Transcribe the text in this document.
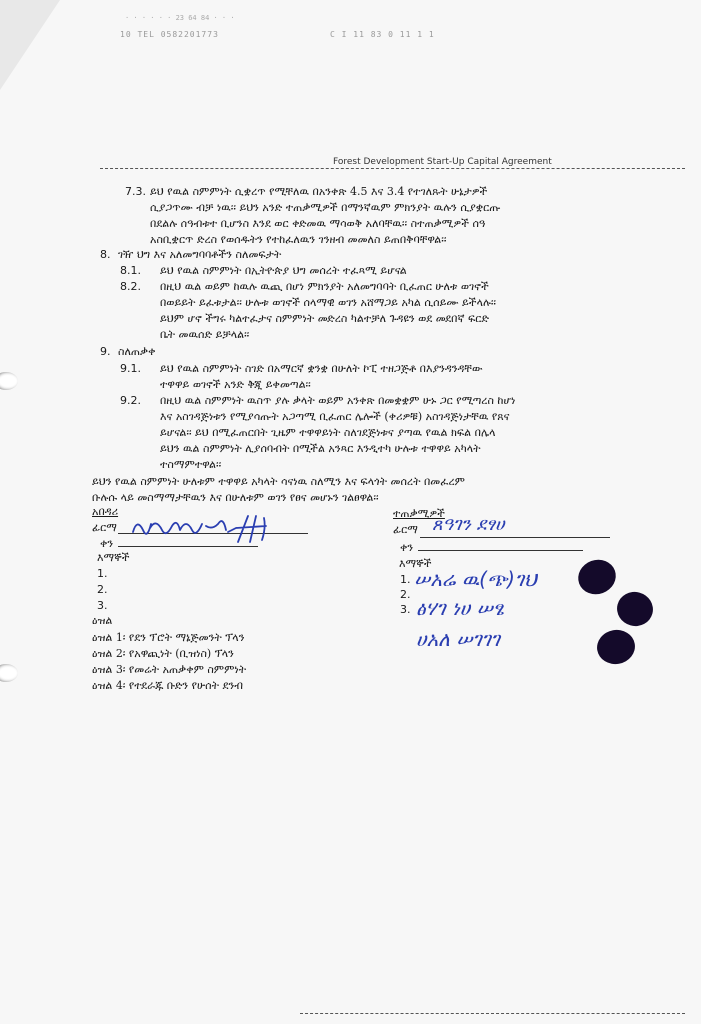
· · · · · · 23 64 84 · · ·
10 TEL 0582201773	C I 11 83 0 11 1 1
Forest Development Start-Up Capital Agreement
7.3. ይህ የዉል ስምምነት ሲቋረጥ የሚቸለዉ በአንቀጽ 4.5 እና 3.4 የተገለጹት ሁኔታዎች
ሲያጋጥሙ ብቻ ነዉ፡፡ ይህን አንድ ተጠቃሚዎች በማንኛዉም ምክንያት ዉሉን ሲያቋርጡ
በደልሉ ሰዓብቱተ ቢሆንስ እንደ ወር ቀድመዉ ማሳወቅ አለባቸዉ፡፡ ስተጠቃሚዎች ሰዓ
አስቢቋርጥ ድረስ የወሰዱትን የተከፈለዉን ገንዘብ መመለስ ይጠበቅባቸዋል፡፡
8. ገዥ ህግ እና አለመግባባቶችን ስለመፍታት
8.1. ይህ የዉል ስምምነት በኢትዮጵያ ህግ መሰረት ተፈጻሚ ይሆናል
8.2. በዚህ ዉል ወይም ከዉሉ ዉጪ በሆነ ምክንያት አለመግባባት ቢፈጠር ሁለቱ ወገኖች
በወይይት ይፈቱታል፡፡ ሁሉቱ ወገኖች ሰላማዊ ወገን አሸማጋይ አካል ሲሰይሙ ይችላሉ፡፡
ይህም ሆኖ ችግሩ ካልተፈታና ስምምነት መድረስ ካልተቻለ ጉዳዩን ወደ መደበኛ ፍርድ
ቤት መዉሰድ ይቻላል፡፡
9. ስለጠቃቀ
9.1. ይህ የዉል ስምምነት ስገድ በአማርኛ ቋንቋ በሁለት ኮፒ ተዘጋጅቶ በእያንዳንዳቸው
ተዋዋይ ወገኖች አንድ ቅጂ ይቀመጣል፡፡
9.2. በዚህ ዉል ስምምነት ዉስጥ ያሉ ቃላት ወይም አንቀጽ በመቋቋም ሁኑ ጋር የሚጣረስ ከሆነ
እና አስገዳጅነቱን የሚያሳጡት አጋጣሚ ቢፈጠር ሌሎች (ቀሪዎቹ) አስገዳጅነታቸዉ የጸና
ይሆናል፡፡ ይህ በሚፈጠርበት ጊዜም ተዋዋይነት ስለገደጅነቱና ያጣዉ የዉል ክፍል በሌላ
ይህን ዉል ስምምነት ሊያሰባብት በሚችል አንጻር እንዲተካ ሁሉቱ ተዋዋይ አካላት
ተስማምተዋል፡፡
ይህን የዉል ስምምነት ሁለቱም ተዋዋይ አካላት ሳናነዉ ስለሚን እና ፍላጎት መሰረት በመፈረም
ቡሉሱ ላይ መስማማታቸዉን እና በሁለቱም ወገን የፀና መሆኑን ገልፀዋል፡፡
አበዳሪ
ፊርማ
ቀን
እማኞች
1.
2.
3.
ዕዝል
ዕዝል 1፡ የደን ፕሮት ማኔጅመንት ፕላን
ዕዝል 2፡ የአዋጪነት (ቢዝነስ) ፕላን
ዕዝል 3፡ የመሬት አጠቃቀም ስምምነት
ዕዝል 4፡ የተደራጁ ቡድን የሁሰት ደንብ
ተጠቃሚዎች
ፊርማ ጸዓገን ደፃሀ
ቀን
እማኞች
1.
2.
3.
ሠአሬ ዉ(ጭ)ገህ
ፅሃገ ነሀ ሠፄ
ሀአለ ሠገገገ
